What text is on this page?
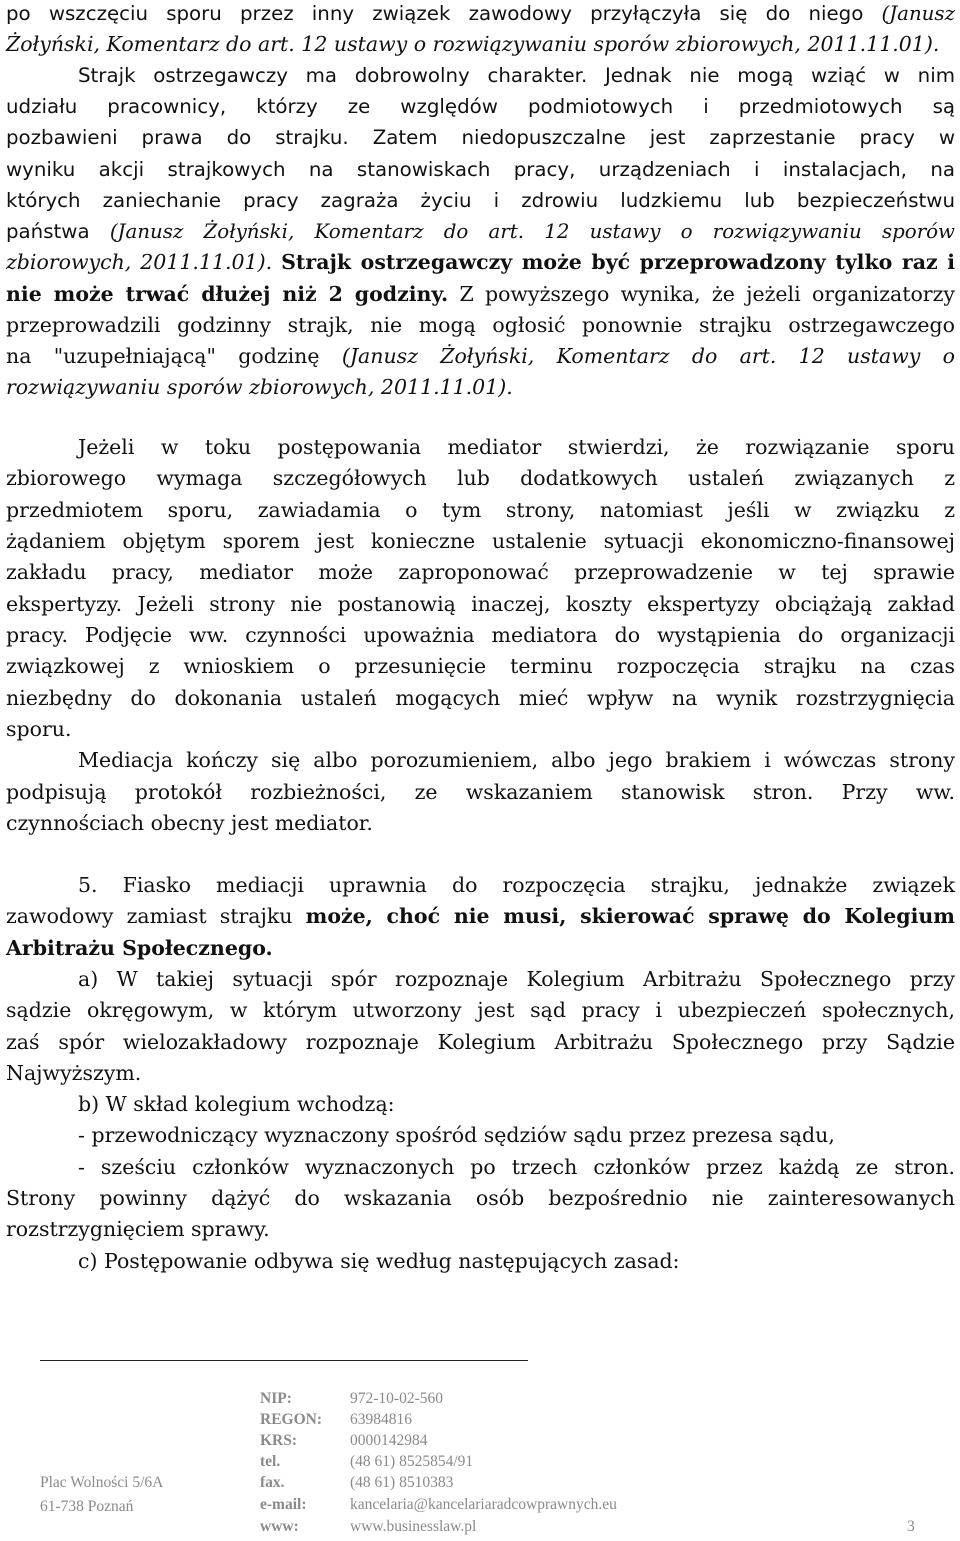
po wszczęciu sporu przez inny związek zawodowy przyłączyła się do niego (Janusz
Żołyński, Komentarz do art. 12 ustawy o rozwiązywaniu sporów zbiorowych, 2011.11.01).
Strajk ostrzegawczy ma dobrowolny charakter. Jednak nie mogą wziąć w nim
udziału pracownicy, którzy ze względów podmiotowych i przedmiotowych są
pozbawieni prawa do strajku. Zatem niedopuszczalne jest zaprzestanie pracy w
wyniku akcji strajkowych na stanowiskach pracy, urządzeniach i instalacjach, na
których zaniechanie pracy zagraża życiu i zdrowiu ludzkiemu lub bezpieczeństwu
państwa (Janusz Żołyński, Komentarz do art. 12 ustawy o rozwiązywaniu sporów
zbiorowych, 2011.11.01). Strajk ostrzegawczy może być przeprowadzony tylko raz i
nie może trwać dłużej niż 2 godziny. Z powyższego wynika, że jeżeli organizatorzy
przeprowadzili godzinny strajk, nie mogą ogłosić ponownie strajku ostrzegawczego
na "uzupełniającą" godzinę (Janusz Żołyński, Komentarz do art. 12 ustawy o
rozwiązywaniu sporów zbiorowych, 2011.11.01).
Jeżeli w toku postępowania mediator stwierdzi, że rozwiązanie sporu
zbiorowego wymaga szczegółowych lub dodatkowych ustaleń związanych z
przedmiotem sporu, zawiadamia o tym strony, natomiast jeśli w związku z
żądaniem objętym sporem jest konieczne ustalenie sytuacji ekonomiczno-finansowej
zakładu pracy, mediator może zaproponować przeprowadzenie w tej sprawie
ekspertyzy. Jeżeli strony nie postanowią inaczej, koszty ekspertyzy obciążają zakład
pracy. Podjęcie ww. czynności upoważnia mediatora do wystąpienia do organizacji
związkowej z wnioskiem o przesunięcie terminu rozpoczęcia strajku na czas
niezbędny do dokonania ustaleń mogących mieć wpływ na wynik rozstrzygnięcia
sporu.
Mediacja kończy się albo porozumieniem, albo jego brakiem i wówczas strony
podpisują protokół rozbieżności, ze wskazaniem stanowisk stron. Przy ww.
czynnościach obecny jest mediator.
5. Fiasko mediacji uprawnia do rozpoczęcia strajku, jednakże związek
zawodowy zamiast strajku może, choć nie musi, skierować sprawę do Kolegium
Arbitrażu Społecznego.
a) W takiej sytuacji spór rozpoznaje Kolegium Arbitrażu Społecznego przy
sądzie okręgowym, w którym utworzony jest sąd pracy i ubezpieczeń społecznych,
zaś spór wielozakładowy rozpoznaje Kolegium Arbitrażu Społecznego przy Sądzie
Najwyższym.
b) W skład kolegium wchodzą:
- przewodniczący wyznaczony spośród sędziów sądu przez prezesa sądu,
- sześciu członków wyznaczonych po trzech członków przez każdą ze stron.
Strony powinny dążyć do wskazania osób bezpośrednio nie zainteresowanych
rozstrzygnięciem sprawy.
c) Postępowanie odbywa się według następujących zasad:
Plac Wolności 5/6A
61-738 Poznań
NIP:	972-10-02-560
REGON: 63984816
KRS:	0000142984
tel.	(48 61) 8525854/91
fax.	(48 61) 8510383
e-mail:	kancelaria@kancelariaradcowprawnych.eu
www:	www.businesslaw.pl	3
